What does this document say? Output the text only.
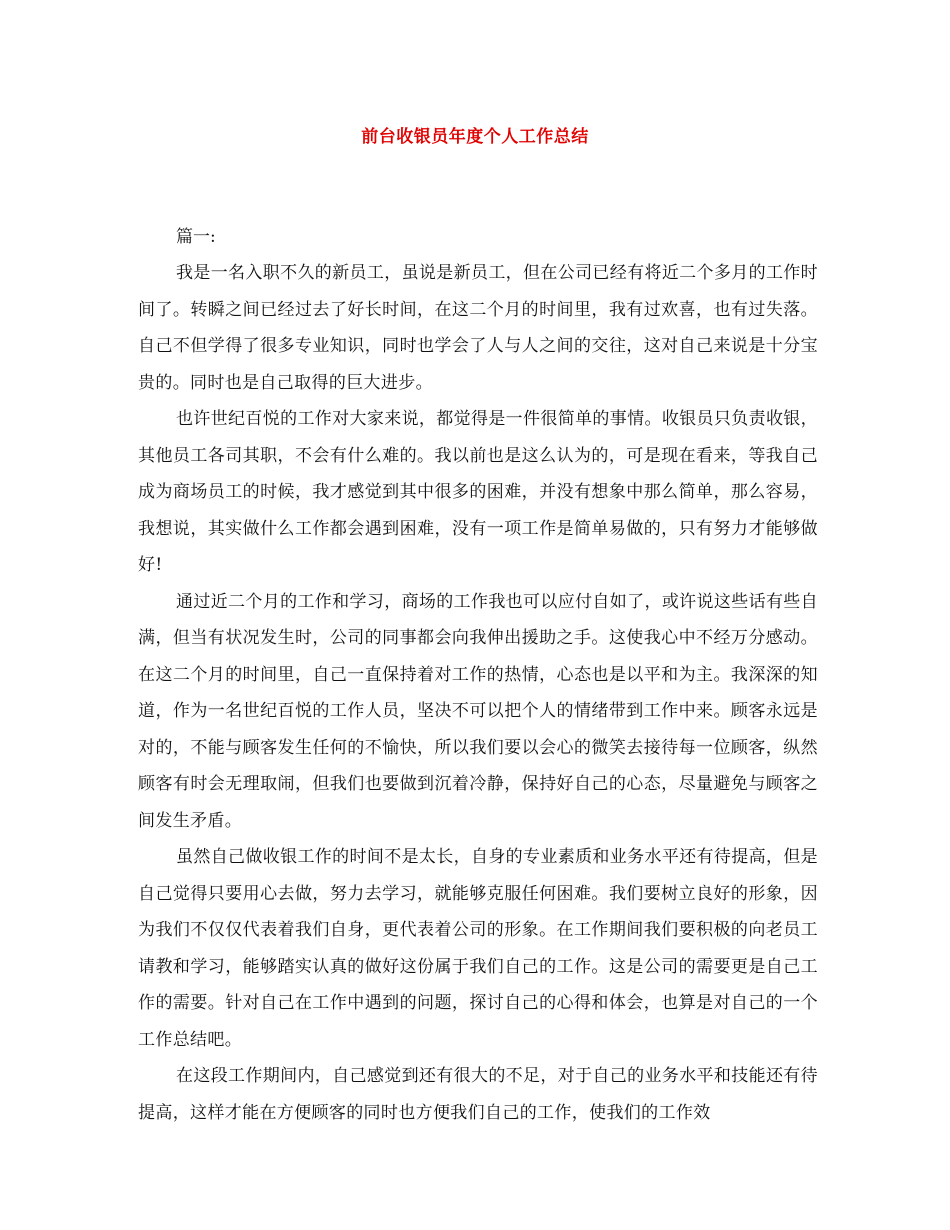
前台收银员年度个人工作总结

篇一:

我是一名入职不久的新员工，虽说是新员工，但在公司已经有将近二个多月的工作时间了。转瞬之间已经过去了好长时间，在这二个月的时间里，我有过欢喜，也有过失落。自己不但学得了很多专业知识，同时也学会了人与人之间的交往，这对自己来说是十分宝贵的。同时也是自己取得的巨大进步。

也许世纪百悦的工作对大家来说，都觉得是一件很简单的事情。收银员只负责收银，其他员工各司其职，不会有什么难的。我以前也是这么认为的，可是现在看来，等我自己成为商场员工的时候，我才感觉到其中很多的困难，并没有想象中那么简单，那么容易，我想说，其实做什么工作都会遇到困难，没有一项工作是简单易做的，只有努力才能够做好!

通过近二个月的工作和学习，商场的工作我也可以应付自如了，或许说这些话有些自满，但当有状况发生时，公司的同事都会向我伸出援助之手。这使我心中不经万分感动。在这二个月的时间里，自己一直保持着对工作的热情，心态也是以平和为主。我深深的知道，作为一名世纪百悦的工作人员，坚决不可以把个人的情绪带到工作中来。顾客永远是对的，不能与顾客发生任何的不愉快，所以我们要以会心的微笑去接待每一位顾客，纵然顾客有时会无理取闹，但我们也要做到沉着冷静，保持好自己的心态，尽量避免与顾客之间发生矛盾。

虽然自己做收银工作的时间不是太长，自身的专业素质和业务水平还有待提高，但是自己觉得只要用心去做，努力去学习，就能够克服任何困难。我们要树立良好的形象，因为我们不仅仅代表着我们自身，更代表着公司的形象。在工作期间我们要积极的向老员工请教和学习，能够踏实认真的做好这份属于我们自己的工作。这是公司的需要更是自己工作的需要。针对自己在工作中遇到的问题，探讨自己的心得和体会，也算是对自己的一个工作总结吧。

在这段工作期间内，自己感觉到还有很大的不足，对于自己的业务水平和技能还有待提高，这样才能在方便顾客的同时也方便我们自己的工作，使我们的工作效
